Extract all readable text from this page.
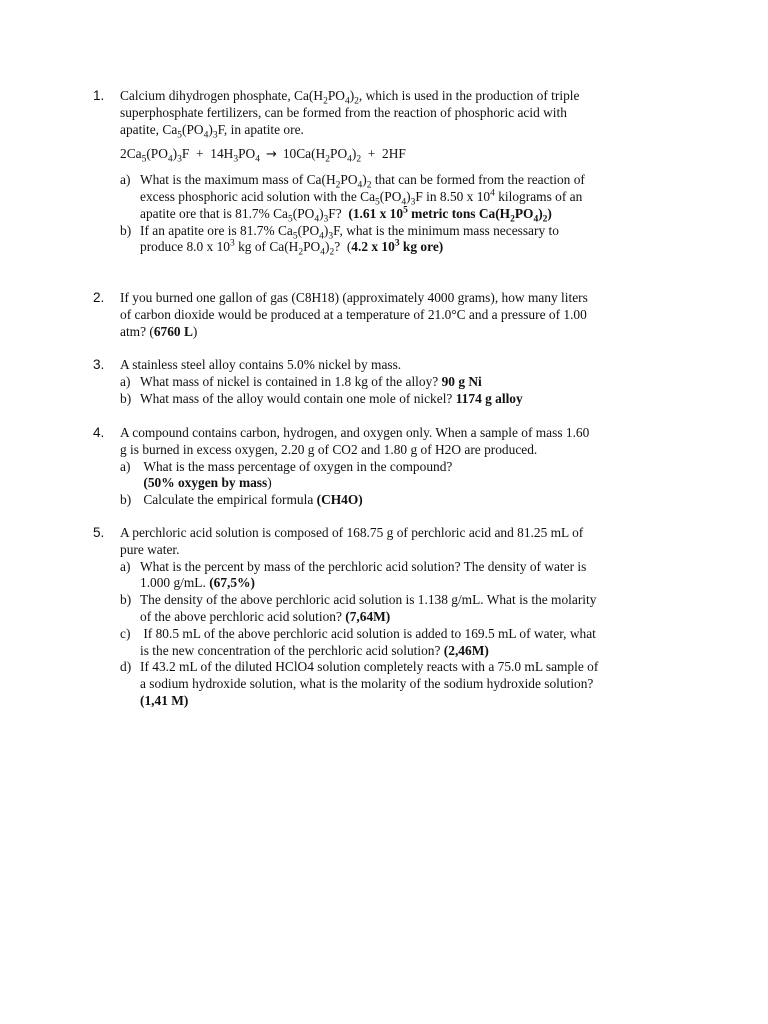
1. Calcium dihydrogen phosphate, $Ca(H_2PO_4)_2$, which is used in the production of triple
superphosphate fertilizers, can be formed from the reaction of phosphoric acid with
apatite, $Ca_5(PO_4)_3F$, in apatite ore.
$2Ca_5(PO_4)_3F + 14H_3PO_4 \to 10Ca(H_2PO_4)_2 + 2HF$
a) What is the maximum mass of $Ca(H_2PO_4)_2$ that can be formed from the reaction of
excess phosphoric acid solution with the $Ca_5(PO_4)_3F$ in 8.50 x $10^4$ kilograms of an
apatite ore that is 81.7% $Ca_5(PO_4)_3F$?  (1.61 x $10^5$ metric tons $Ca(H_2PO_4)_2$)
b) If an apatite ore is 81.7% $Ca_5(PO_4)_3F$, what is the minimum mass necessary to
produce 8.0 x $10^3$ kg of $Ca(H_2PO_4)_2$?  (4.2 x $10^3$ kg ore)
2. If you burned one gallon of gas (C8H18) (approximately 4000 grams), how many liters
of carbon dioxide would be produced at a temperature of 21.0°C and a pressure of 1.00
atm? (6760 L)
3. A stainless steel alloy contains 5.0% nickel by mass.
a) What mass of nickel is contained in 1.8 kg of the alloy? 90 g Ni
b) What mass of the alloy would contain one mole of nickel? 1174 g alloy
4. A compound contains carbon, hydrogen, and oxygen only. When a sample of mass 1.60
g is burned in excess oxygen, 2.20 g of CO2 and 1.80 g of H2O are produced.
a) What is the mass percentage of oxygen in the compound?
(50% oxygen by mass)
b) Calculate the empirical formula (CH4O)
5. A perchloric acid solution is composed of 168.75 g of perchloric acid and 81.25 mL of
pure water.
a) What is the percent by mass of the perchloric acid solution? The density of water is
1.000 g/mL. (67,5%)
b) The density of the above perchloric acid solution is 1.138 g/mL. What is the molarity
of the above perchloric acid solution? (7,64M)
c) If 80.5 mL of the above perchloric acid solution is added to 169.5 mL of water, what
is the new concentration of the perchloric acid solution? (2,46M)
d) If 43.2 mL of the diluted HClO4 solution completely reacts with a 75.0 mL sample of
a sodium hydroxide solution, what is the molarity of the sodium hydroxide solution?
(1,41 M)
